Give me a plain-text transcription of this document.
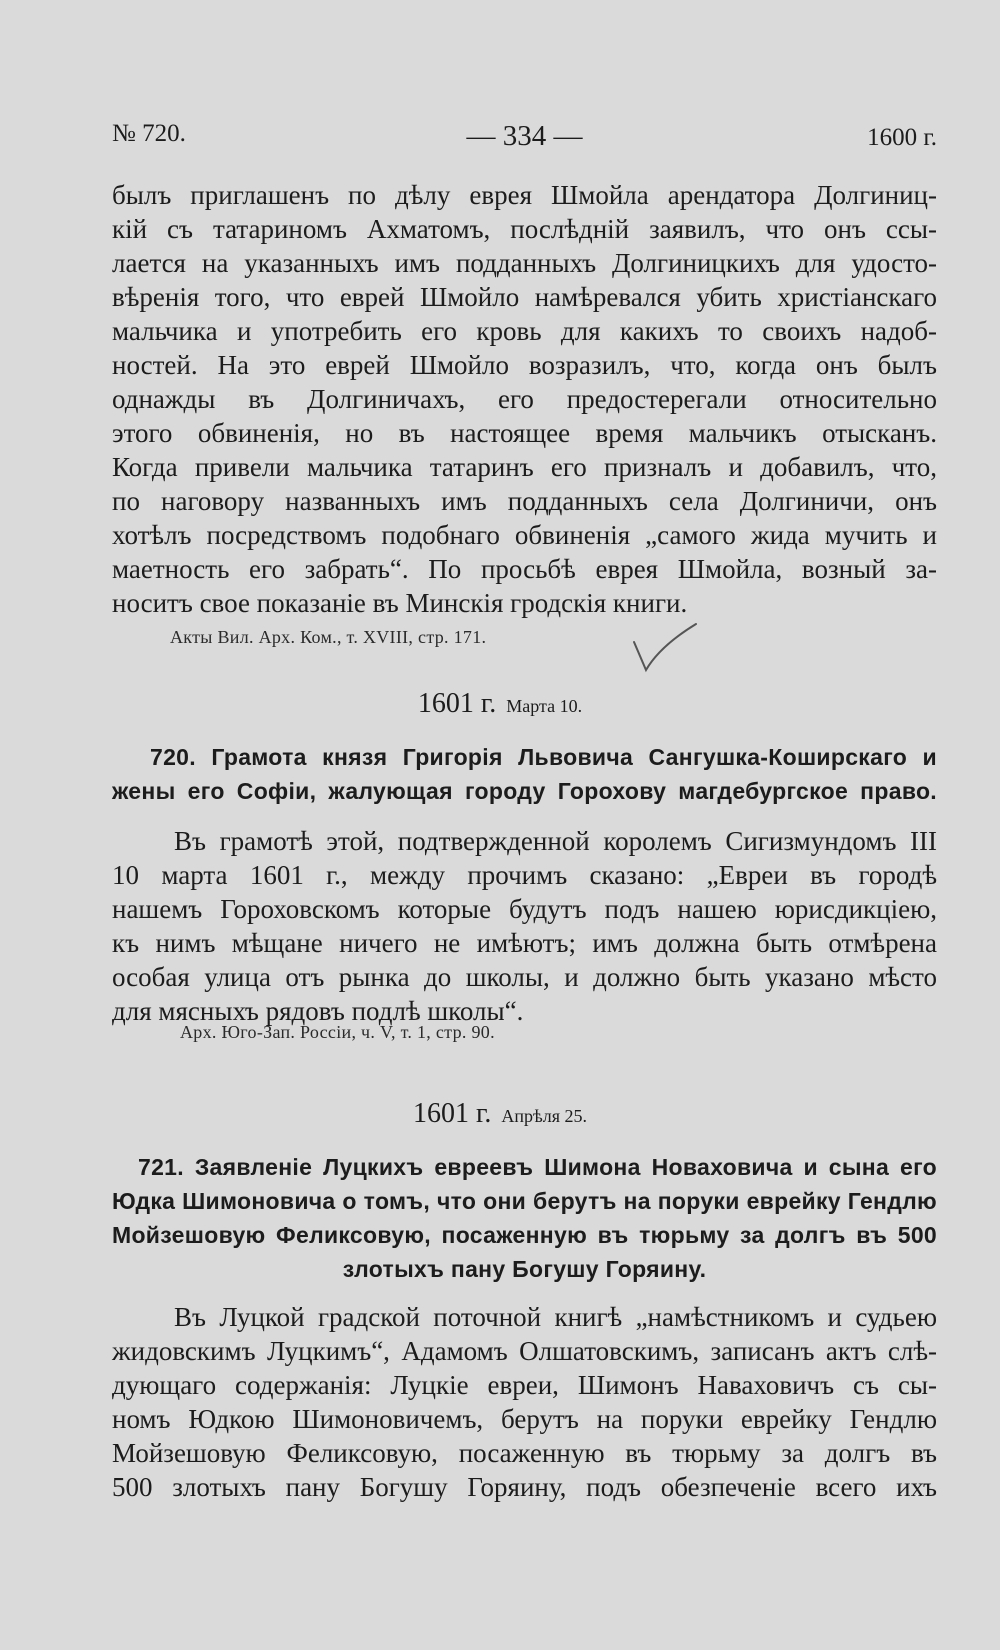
№ 720.	— 334 —	1600 г.

былъ приглашенъ по дѣлу еврея Шмойла арендатора Долгиниц-
кій съ татариномъ Ахматомъ, послѣдній заявилъ, что онъ ссы-
лается на указанныхъ имъ подданныхъ Долгиницкихъ для удосто-
вѣренія того, что еврей Шмойло намѣревался убить христіанскаго
мальчика и употребить его кровь для какихъ то своихъ надоб-
ностей. На это еврей Шмойло возразилъ, что, когда онъ былъ
однажды въ Долгиничахъ, его предостерегали относительно
этого обвиненія, но въ настоящее время мальчикъ отысканъ.
Когда привели мальчика татаринъ его призналъ и добавилъ, что,
по наговору названныхъ имъ подданныхъ села Долгиничи, онъ
хотѣлъ посредствомъ подобнаго обвиненія „самого жида мучить и
маетность его забрать“. По просьбѣ еврея Шмойла, возный за-
носитъ свое показаніе въ Минскія гродскія книги.

Акты Вил. Арх. Ком., т. XVIII, стр. 171.
1601 г. Марта 10.
720. Грамота князя Григорія Львовича Сангушка-Коширскаго и
жены его Софіи, жалующая городу Горохову магдебургское право.

Въ грамотѣ этой, подтвержденной королемъ Сигизмундомъ III
10 марта 1601 г., между прочимъ сказано: „Евреи въ городѣ
нашемъ Гороховскомъ которые будутъ подъ нашею юрисдикціею,
къ нимъ мѣщане ничего не имѣютъ; имъ должна быть отмѣрена
особая улица отъ рынка до школы, и должно быть указано мѣсто
для мясныхъ рядовъ подлѣ школы“.

Арх. Юго-Зап. Россіи, ч. V, т. 1, стр. 90.
1601 г. Апрѣля 25.
721. Заявленіе Луцкихъ евреевъ Шимона Новаховича и сына его
Юдка Шимоновича о томъ, что они берутъ на поруки еврейку Гендлю
Мойзешовую Феликсовую, посаженную въ тюрьму за долгъ въ 500
злотыхъ пану Богушу Горяину.

Въ Луцкой градской поточной книгѣ „намѣстникомъ и судьею
жидовскимъ Луцкимъ“, Адамомъ Олшатовскимъ, записанъ актъ слѣ-
дующаго содержанія: Луцкіе евреи, Шимонъ Наваховичъ съ сы-
номъ Юдкою Шимоновичемъ, берутъ на поруки еврейку Гендлю
Мойзешовую Феликсовую, посаженную въ тюрьму за долгъ въ
500 злотыхъ пану Богушу Горяину, подъ обезпеченіе всего ихъ
